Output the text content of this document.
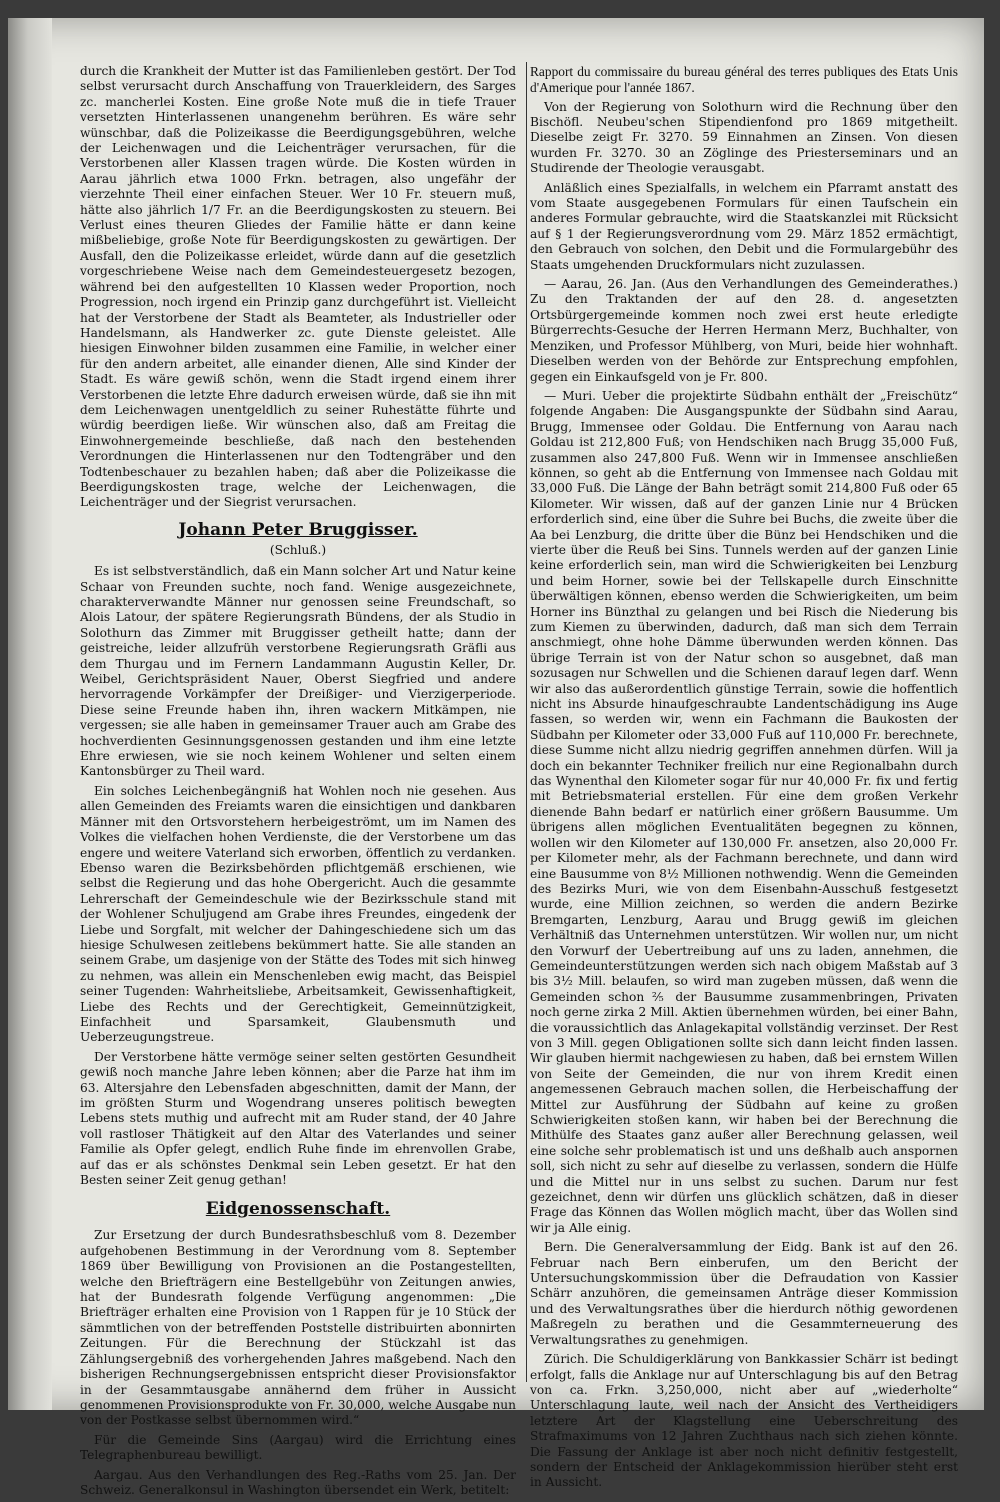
durch die Krankheit der Mutter ist das Familienleben gestört. Der Tod selbst verursacht durch Anschaffung von Trauerkleidern, des Sarges zc. mancherlei Kosten. Eine große Note muß die in tiefe Trauer versetzten Hinterlassenen unangenehm berühren. Es wäre sehr wünschbar, daß die Polizeikasse die Beerdigungsgebühren, welche der Leichenwagen und die Leichenträger verursachen, für die Verstorbenen aller Klassen tragen würde. Die Kosten würden in Aarau jährlich etwa 1000 Frkn. betragen, also ungefähr der vierzehnte Theil einer einfachen Steuer. Wer 10 Fr. steuern muß, hätte also jährlich 1/7 Fr. an die Beerdigungskosten zu steuern. Bei Verlust eines theuren Gliedes der Familie hätte er dann keine mißbeliebige, große Note für Beerdigungskosten zu gewärtigen. Der Ausfall, den die Polizeikasse erleidet, würde dann auf die gesetzlich vorgeschriebene Weise nach dem Gemeindesteuergesetz bezogen, während bei den aufgestellten 10 Klassen weder Proportion, noch Progression, noch irgend ein Prinzip ganz durchgeführt ist. Vielleicht hat der Verstorbene der Stadt als Beamteter, als Industrieller oder Handelsmann, als Handwerker zc. gute Dienste geleistet. Alle hiesigen Einwohner bilden zusammen eine Familie, in welcher einer für den andern arbeitet, alle einander dienen, Alle sind Kinder der Stadt. Es wäre gewiß schön, wenn die Stadt irgend einem ihrer Verstorbenen die letzte Ehre dadurch erweisen würde, daß sie ihn mit dem Leichenwagen unentgeldlich zu seiner Ruhestätte führte und würdig beerdigen ließe. Wir wünschen also, daß am Freitag die Einwohnergemeinde beschließe, daß nach den bestehenden Verordnungen die Hinterlassenen nur den Todtengräber und den Todtenbeschauer zu bezahlen haben; daß aber die Polizeikasse die Beerdigungskosten trage, welche der Leichenwagen, die Leichenträger und der Siegrist verursachen.

Johann Peter Bruggisser.
(Schluß.)

Es ist selbstverständlich, daß ein Mann solcher Art und Natur keine Schaar von Freunden suchte, noch fand. Wenige ausgezeichnete, charakterverwandte Männer nur genossen seine Freundschaft, so Alois Latour, der spätere Regierungsrath Bündens, der als Studio in Solothurn das Zimmer mit Bruggisser getheilt hatte; dann der geistreiche, leider allzufrüh verstorbene Regierungsrath Gräfli aus dem Thurgau und im Fernern Landammann Augustin Keller, Dr. Weibel, Gerichtspräsident Nauer, Oberst Siegfried und andere hervorragende Vorkämpfer der Dreißiger- und Vierzigerperiode. Diese seine Freunde haben ihn, ihren wackern Mitkämpen, nie vergessen; sie alle haben in gemeinsamer Trauer auch am Grabe des hochverdienten Gesinnungsgenossen gestanden und ihm eine letzte Ehre erwiesen, wie sie noch keinem Wohlener und selten einem Kantonsbürger zu Theil ward.

Ein solches Leichenbegängniß hat Wohlen noch nie gesehen. Aus allen Gemeinden des Freiamts waren die einsichtigen und dankbaren Männer mit den Ortsvorstehern herbeigeströmt, um im Namen des Volkes die vielfachen hohen Verdienste, die der Verstorbene um das engere und weitere Vaterland sich erworben, öffentlich zu verdanken. Ebenso waren die Bezirksbehörden pflichtgemäß erschienen, wie selbst die Regierung und das hohe Obergericht. Auch die gesammte Lehrerschaft der Gemeindeschule wie der Bezirksschule stand mit der Wohlener Schuljugend am Grabe ihres Freundes, eingedenk der Liebe und Sorgfalt, mit welcher der Dahingeschiedene sich um das hiesige Schulwesen zeitlebens bekümmert hatte. Sie alle standen an seinem Grabe, um dasjenige von der Stätte des Todes mit sich hinweg zu nehmen, was allein ein Menschenleben ewig macht, das Beispiel seiner Tugenden: Wahrheitsliebe, Arbeitsamkeit, Gewissenhaftigkeit, Liebe des Rechts und der Gerechtigkeit, Gemeinnützigkeit, Einfachheit und Sparsamkeit, Glaubensmuth und Ueberzeugungstreue.

Der Verstorbene hätte vermöge seiner selten gestörten Gesundheit gewiß noch manche Jahre leben können; aber die Parze hat ihm im 63. Altersjahre den Lebensfaden abgeschnitten, damit der Mann, der im größten Sturm und Wogendrang unseres politisch bewegten Lebens stets muthig und aufrecht mit am Ruder stand, der 40 Jahre voll rastloser Thätigkeit auf den Altar des Vaterlandes und seiner Familie als Opfer gelegt, endlich Ruhe finde im ehrenvollen Grabe, auf das er als schönstes Denkmal sein Leben gesetzt. Er hat den Besten seiner Zeit genug gethan!

Eidgenossenschaft.

Zur Ersetzung der durch Bundesrathsbeschluß vom 8. Dezember aufgehobenen Bestimmung in der Verordnung vom 8. September 1869 über Bewilligung von Provisionen an die Postangestellten, welche den Briefträgern eine Bestellgebühr von Zeitungen anwies, hat der Bundesrath folgende Verfügung angenommen: „Die Briefträger erhalten eine Provision von 1 Rappen für je 10 Stück der sämmtlichen von der betreffenden Poststelle distribuirten abonnirten Zeitungen. Für die Berechnung der Stückzahl ist das Zählungsergebniß des vorhergehenden Jahres maßgebend. Nach den bisherigen Rechnungsergebnissen entspricht dieser Provisionsfaktor in der Gesammtausgabe annähernd dem früher in Aussicht genommenen Provisionsprodukte von Fr. 30,000, welche Ausgabe nun von der Postkasse selbst übernommen wird.“

Für die Gemeinde Sins (Aargau) wird die Errichtung eines Telegraphenbureau bewilligt.

Aargau. Aus den Verhandlungen des Reg.-Raths vom 25. Jan. Der Schweiz. Generalkonsul in Washington übersendet ein Werk, betitelt:

Rapport du commissaire du bureau général des terres publiques des Etats Unis d'Amerique pour l'année 1867.

Von der Regierung von Solothurn wird die Rechnung über den Bischöfl. Neubeu'schen Stipendienfond pro 1869 mitgetheilt. Dieselbe zeigt Fr. 3270. 59 Einnahmen an Zinsen. Von diesen wurden Fr. 3270. 30 an Zöglinge des Priesterseminars und an Studirende der Theologie verausgabt.

Anläßlich eines Spezialfalls, in welchem ein Pfarramt anstatt des vom Staate ausgegebenen Formulars für einen Taufschein ein anderes Formular gebrauchte, wird die Staatskanzlei mit Rücksicht auf § 1 der Regierungsverordnung vom 29. März 1852 ermächtigt, den Gebrauch von solchen, den Debit und die Formulargebühr des Staats umgehenden Druckformulars nicht zuzulassen.

— Aarau, 26. Jan. (Aus den Verhandlungen des Gemeinderathes.) Zu den Traktanden der auf den 28. d. angesetzten Ortsbürgergemeinde kommen noch zwei erst heute erledigte Bürgerrechts-Gesuche der Herren Hermann Merz, Buchhalter, von Menziken, und Professor Mühlberg, von Muri, beide hier wohnhaft. Dieselben werden von der Behörde zur Entsprechung empfohlen, gegen ein Einkaufsgeld von je Fr. 800.

— Muri. Ueber die projektirte Südbahn enthält der „Freischütz“ folgende Angaben: Die Ausgangspunkte der Südbahn sind Aarau, Brugg, Immensee oder Goldau. Die Entfernung von Aarau nach Goldau ist 212,800 Fuß; von Hendschiken nach Brugg 35,000 Fuß, zusammen also 247,800 Fuß. Wenn wir in Immensee anschließen können, so geht ab die Entfernung von Immensee nach Goldau mit 33,000 Fuß. Die Länge der Bahn beträgt somit 214,800 Fuß oder 65 Kilometer. Wir wissen, daß auf der ganzen Linie nur 4 Brücken erforderlich sind, eine über die Suhre bei Buchs, die zweite über die Aa bei Lenzburg, die dritte über die Bünz bei Hendschiken und die vierte über die Reuß bei Sins. Tunnels werden auf der ganzen Linie keine erforderlich sein, man wird die Schwierigkeiten bei Lenzburg und beim Horner, sowie bei der Tellskapelle durch Einschnitte überwältigen können, ebenso werden die Schwierigkeiten, um beim Horner ins Bünzthal zu gelangen und bei Risch die Niederung bis zum Kiemen zu überwinden, dadurch, daß man sich dem Terrain anschmiegt, ohne hohe Dämme überwunden werden können. Das übrige Terrain ist von der Natur schon so ausgebnet, daß man sozusagen nur Schwellen und die Schienen darauf legen darf. Wenn wir also das außerordentlich günstige Terrain, sowie die hoffentlich nicht ins Absurde hinaufgeschraubte Landentschädigung ins Auge fassen, so werden wir, wenn ein Fachmann die Baukosten der Südbahn per Kilometer oder 33,000 Fuß auf 110,000 Fr. berechnete, diese Summe nicht allzu niedrig gegriffen annehmen dürfen. Will ja doch ein bekannter Techniker freilich nur eine Regionalbahn durch das Wynenthal den Kilometer sogar für nur 40,000 Fr. fix und fertig mit Betriebsmaterial erstellen. Für eine dem großen Verkehr dienende Bahn bedarf er natürlich einer größern Bausumme. Um übrigens allen möglichen Eventualitäten begegnen zu können, wollen wir den Kilometer auf 130,000 Fr. ansetzen, also 20,000 Fr. per Kilometer mehr, als der Fachmann berechnete, und dann wird eine Bausumme von 8½ Millionen nothwendig. Wenn die Gemeinden des Bezirks Muri, wie von dem Eisenbahn-Ausschuß festgesetzt wurde, eine Million zeichnen, so werden die andern Bezirke Bremgarten, Lenzburg, Aarau und Brugg gewiß im gleichen Verhältniß das Unternehmen unterstützen. Wir wollen nur, um nicht den Vorwurf der Uebertreibung auf uns zu laden, annehmen, die Gemeindeunterstützungen werden sich nach obigem Maßstab auf 3 bis 3½ Mill. belaufen, so wird man zugeben müssen, daß wenn die Gemeinden schon ⅖ der Bausumme zusammenbringen, Privaten noch gerne zirka 2 Mill. Aktien übernehmen würden, bei einer Bahn, die voraussichtlich das Anlagekapital vollständig verzinset. Der Rest von 3 Mill. gegen Obligationen sollte sich dann leicht finden lassen. Wir glauben hiermit nachgewiesen zu haben, daß bei ernstem Willen von Seite der Gemeinden, die nur von ihrem Kredit einen angemessenen Gebrauch machen sollen, die Herbeischaffung der Mittel zur Ausführung der Südbahn auf keine zu großen Schwierigkeiten stoßen kann, wir haben bei der Berechnung die Mithülfe des Staates ganz außer aller Berechnung gelassen, weil eine solche sehr problematisch ist und uns deßhalb auch anspornen soll, sich nicht zu sehr auf dieselbe zu verlassen, sondern die Hülfe und die Mittel nur in uns selbst zu suchen. Darum nur fest gezeichnet, denn wir dürfen uns glücklich schätzen, daß in dieser Frage das Können das Wollen möglich macht, über das Wollen sind wir ja Alle einig.

Bern. Die Generalversammlung der Eidg. Bank ist auf den 26. Februar nach Bern einberufen, um den Bericht der Untersuchungskommission über die Defraudation von Kassier Schärr anzuhören, die gemeinsamen Anträge dieser Kommission und des Verwaltungsrathes über die hierdurch nöthig gewordenen Maßregeln zu berathen und die Gesammterneuerung des Verwaltungsrathes zu genehmigen.

Zürich. Die Schuldigerklärung von Bankkassier Schärr ist bedingt erfolgt, falls die Anklage nur auf Unterschlagung bis auf den Betrag von ca. Frkn. 3,250,000, nicht aber auf „wiederholte“ Unterschlagung laute, weil nach der Ansicht des Vertheidigers letztere Art der Klagstellung eine Ueberschreitung des Strafmaximums von 12 Jahren Zuchthaus nach sich ziehen könnte. Die Fassung der Anklage ist aber noch nicht definitiv festgestellt, sondern der Entscheid der Anklagekommission hierüber steht erst in Aussicht.
